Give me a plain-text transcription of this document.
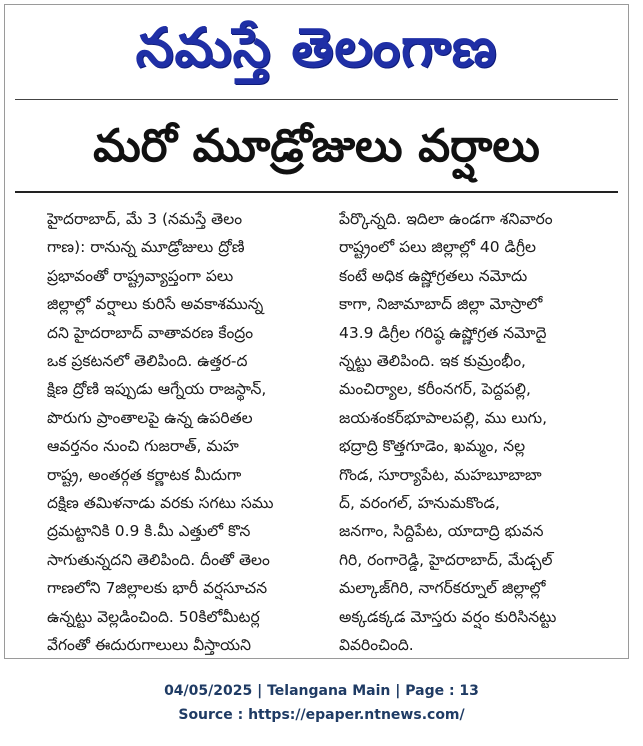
నమస్తే తెలంగాణ
మరో మూడ్రోజులు వర్షాలు
హైదరాబాద్, మే 3 (నమస్తే తెలం
గాణ): రానున్న మూడ్రోజులు ద్రోణి
ప్రభావంతో రాష్ట్రవ్యాప్తంగా పలు
జిల్లాల్లో వర్షాలు కురిసే అవకాశమున్న
దని హైదరాబాద్ వాతావరణ కేంద్రం
ఒక ప్రకటనలో తెలిపింది. ఉత్తర-ద
క్షిణ ద్రోణి ఇప్పుడు ఆగ్నేయ రాజస్థాన్,
పొరుగు ప్రాంతాలపై ఉన్న ఉపరితల
ఆవర్తనం నుంచి గుజరాత్, మహ
రాష్ట్ర, అంతర్గత కర్ణాటక మీదుగా
దక్షిణ తమిళనాడు వరకు సగటు సము
ద్రమట్టానికి 0.9 కి.మీ ఎత్తులో కొన
సాగుతున్నదని తెలిపింది. దీంతో తెలం
గాణలోని 7జిల్లాలకు భారీ వర్షసూచన
ఉన్నట్టు వెల్లడించింది. 50కిలోమీటర్ల
వేగంతో ఈదురుగాలులు వీస్తాయని
పేర్కొన్నది. ఇదిలా ఉండగా శనివారం
రాష్ట్రంలో పలు జిల్లాల్లో 40 డిగ్రీల
కంటే అధిక ఉష్ణోగ్రతలు నమోదు
కాగా, నిజామాబాద్ జిల్లా మోస్రాలో
43.9 డిగ్రీల గరిష్ఠ ఉష్ణోగ్రత నమోదై
న్నట్టు తెలిపింది. ఇక కుమ్రంభీం,
మంచిర్యాల, కరీంనగర్, పెద్దపల్లి,
జయశంకర్‌భూపాలపల్లి, ము లుగు,
భద్రాద్రి కొత్తగూడెం, ఖమ్మం, నల్ల
గొండ, సూర్యాపేట, మహబూబాబా
ద్, వరంగల్, హనుమకొండ,
జనగాం, సిద్దిపేట, యాదాద్రి భువన
గిరి, రంగారెడ్డి, హైదరాబాద్, మేడ్చల్
మల్కాజ్‌గిరి, నాగర్‌కర్నూల్ జిల్లాల్లో
అక్కడక్కడ మోస్తరు వర్షం కురిసినట్టు
వివరించింది.
04/05/2025 | Telangana Main | Page : 13
Source : https://epaper.ntnews.com/
